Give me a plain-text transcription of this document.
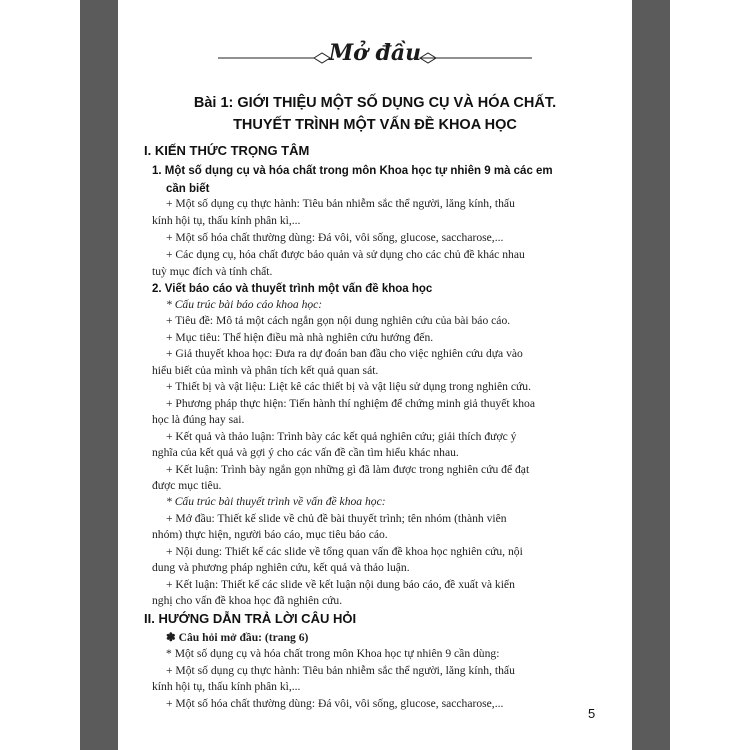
Mở đầu
Bài 1: GIỚI THIỆU MỘT SỐ DỤNG CỤ VÀ HÓA CHẤT.
THUYẾT TRÌNH MỘT VẤN ĐỀ KHOA HỌC
I. KIẾN THỨC TRỌNG TÂM
1. Một số dụng cụ và hóa chất trong môn Khoa học tự nhiên 9 mà các em
cần biết
+ Một số dụng cụ thực hành: Tiêu bản nhiễm sắc thể người, lăng kính, thấu
kính hội tụ, thấu kính phân kì,...
+ Một số hóa chất thường dùng: Đá vôi, vôi sống, glucose, saccharose,...
+ Các dụng cụ, hóa chất được bảo quản và sử dụng cho các chủ đề khác nhau
tuỳ mục đích và tính chất.
2. Viết báo cáo và thuyết trình một vấn đề khoa học
* Cấu trúc bài báo cáo khoa học:
+ Tiêu đề: Mô tả một cách ngắn gọn nội dung nghiên cứu của bài báo cáo.
+ Mục tiêu: Thể hiện điều mà nhà nghiên cứu hướng đến.
+ Giả thuyết khoa học: Đưa ra dự đoán ban đầu cho việc nghiên cứu dựa vào
hiểu biết của mình và phân tích kết quả quan sát.
+ Thiết bị và vật liệu: Liệt kê các thiết bị và vật liệu sử dụng trong nghiên cứu.
+ Phương pháp thực hiện: Tiến hành thí nghiệm để chứng minh giả thuyết khoa
học là đúng hay sai.
+ Kết quả và thảo luận: Trình bày các kết quả nghiên cứu; giải thích được ý
nghĩa của kết quả và gợi ý cho các vấn đề cần tìm hiểu khác nhau.
+ Kết luận: Trình bày ngắn gọn những gì đã làm được trong nghiên cứu để đạt
được mục tiêu.
* Cấu trúc bài thuyết trình về vấn đề khoa học:
+ Mở đầu: Thiết kế slide về chủ đề bài thuyết trình; tên nhóm (thành viên
nhóm) thực hiện, người báo cáo, mục tiêu báo cáo.
+ Nội dung: Thiết kế các slide về tổng quan vấn đề khoa học nghiên cứu, nội
dung và phương pháp nghiên cứu, kết quả và thảo luận.
+ Kết luận: Thiết kế các slide về kết luận nội dung báo cáo, đề xuất và kiến
nghị cho vấn đề khoa học đã nghiên cứu.
II. HƯỚNG DẪN TRẢ LỜI CÂU HỎI
✽ Câu hỏi mở đầu: (trang 6)
* Một số dụng cụ và hóa chất trong môn Khoa học tự nhiên 9 cần dùng:
+ Một số dụng cụ thực hành: Tiêu bản nhiễm sắc thể người, lăng kính, thấu
kính hội tụ, thấu kính phân kì,...
+ Một số hóa chất thường dùng: Đá vôi, vôi sống, glucose, saccharose,...
5
